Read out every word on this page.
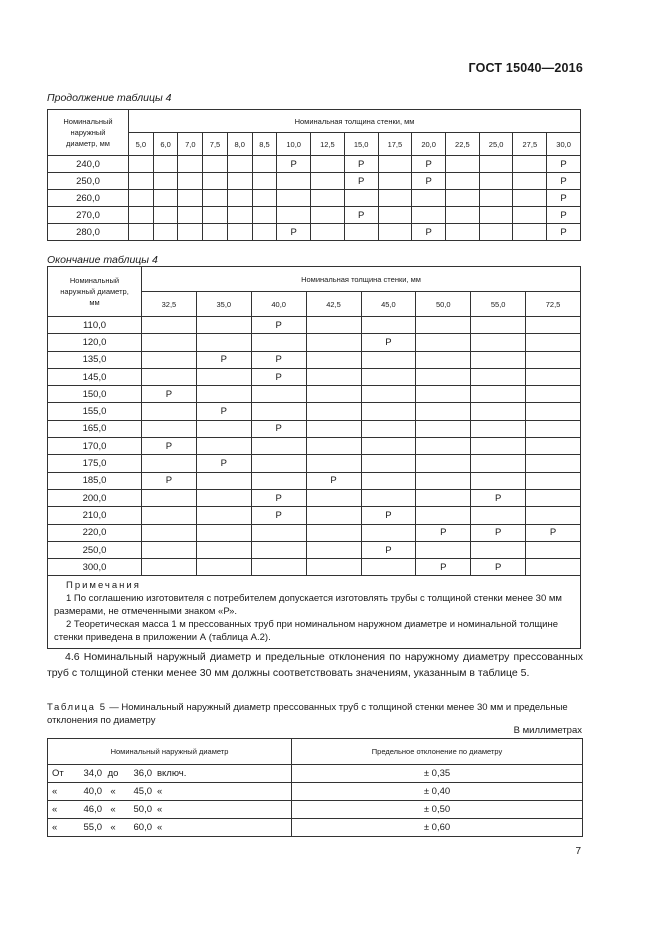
ГОСТ 15040—2016
Продолжение таблицы 4
Номинальный наружный диаметр, мм	Номинальная толщина стенки, мм														
	5,0	6,0	7,0	7,5	8,0	8,5	10,0	12,5	15,0	17,5	20,0	22,5	25,0	27,5	30,0
240,0							P		P		P				P
250,0									P		P				P
260,0															P
270,0									P						P
280,0							P				P				P
Окончание таблицы 4
Номинальный наружный диаметр, мм	Номинальная толщина стенки, мм							
	32,5	35,0	40,0	42,5	45,0	50,0	55,0	72,5
110,0			P					
120,0					P			
135,0		P	P					
145,0			P					
150,0	P							
155,0		P						
165,0			P					
170,0	P							
175,0		P						
185,0	P			P				
200,0			P				P	
210,0			P		P			
220,0						P	P	P
250,0					P			
300,0						P	P	

Примечания
1 По соглашению изготовителя с потребителем допускается изготовлять трубы с толщиной стенки менее 30 мм размерами, не отмеченными знаком «Р».
2 Теоретическая масса 1 м прессованных труб при номинальном наружном диаметре и номинальной толщине стенки приведена в приложении А (таблица А.2).								
4.6 Номинальный наружный диаметр и предельные отклонения по наружному диаметру прессованных труб с толщиной стенки менее 30 мм должны соответствовать значениям, указанным в таблице 5.
Таблица 5 — Номинальный наружный диаметр прессованных труб с толщиной стенки менее 30 мм и предельные отклонения по диаметру
В миллиметрах
Номинальный наружный диаметр	Предельное отклонение по диаметру
От 34,0 до 36,0 включ.	± 0,35
« 40,0 « 45,0 «	± 0,40
« 46,0 « 50,0 «	± 0,50
« 55,0 « 60,0 «	± 0,60
7
